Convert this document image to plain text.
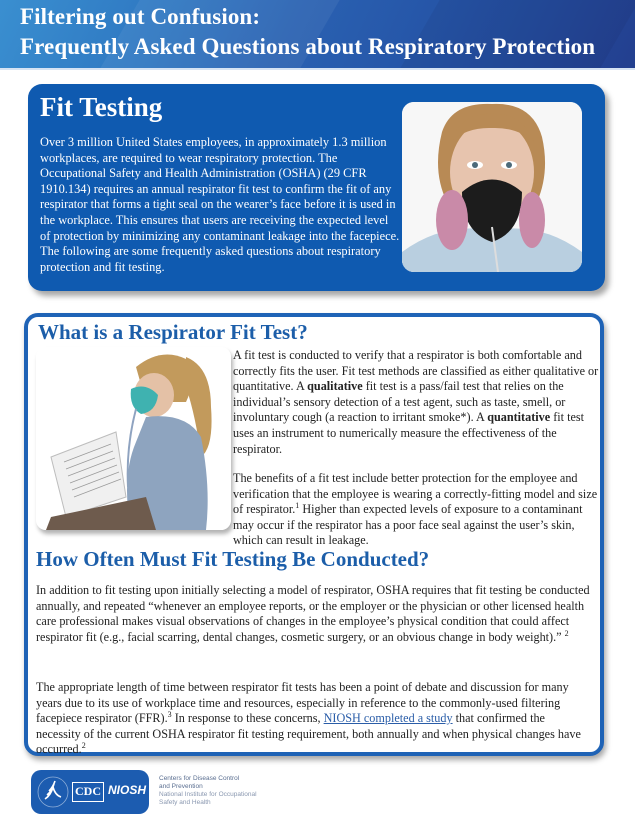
Filtering out Confusion:
Frequently Asked Questions about Respiratory Protection
Fit Testing
Over 3 million United States employees, in approximately 1.3 million workplaces, are required to wear respiratory protection. The Occupational Safety and Health Administration (OSHA) (29 CFR 1910.134) requires an annual respirator fit test to confirm the fit of any respirator that forms a tight seal on the wearer’s face before it is used in the workplace. This ensures that users are receiving the expected level of protection by minimizing any contaminant leakage into the facepiece. The following are some frequently asked questions about respiratory protection and fit testing.
What is a Respirator Fit Test?

A fit test is conducted to verify that a respirator is both comfortable and correctly fits the user. Fit test methods are classified as either qualitative or quantitative. A qualitative fit test is a pass/fail test that relies on the individual’s sensory detection of a test agent, such as taste, smell, or involuntary cough (a reaction to irritant smoke*). A quantitative fit test uses an instrument to numerically measure the effectiveness of the respirator.

The benefits of a fit test include better protection for the employee and verification that the employee is wearing a correctly-fitting model and size of respirator.$^1$ Higher than expected levels of exposure to a contaminant may occur if the respirator has a poor face seal against the user’s skin, which can result in leakage.

How Often Must Fit Testing Be Conducted?

In addition to fit testing upon initially selecting a model of respirator, OSHA requires that fit testing be conducted annually, and repeated “whenever an employee reports, or the employer or the physician or other licensed health care professional makes visual observations of changes in the employee’s physical condition that could affect respirator fit (e.g., facial scarring, dental changes, cosmetic surgery, or an obvious change in body weight).” $^2$

The appropriate length of time between respirator fit tests has been a point of debate and discussion for many years due to its use of workplace time and resources, especially in reference to the commonly-used filtering facepiece respirator (FFR).$^3$ In response to these concerns, NIOSH completed a study that confirmed the necessity of the current OSHA respirator fit testing requirement, both annually and when physical changes have occurred.$^2$

CDC NIOSH
Centers for Disease Control
and Prevention
National Institute for Occupational
Safety and Health
